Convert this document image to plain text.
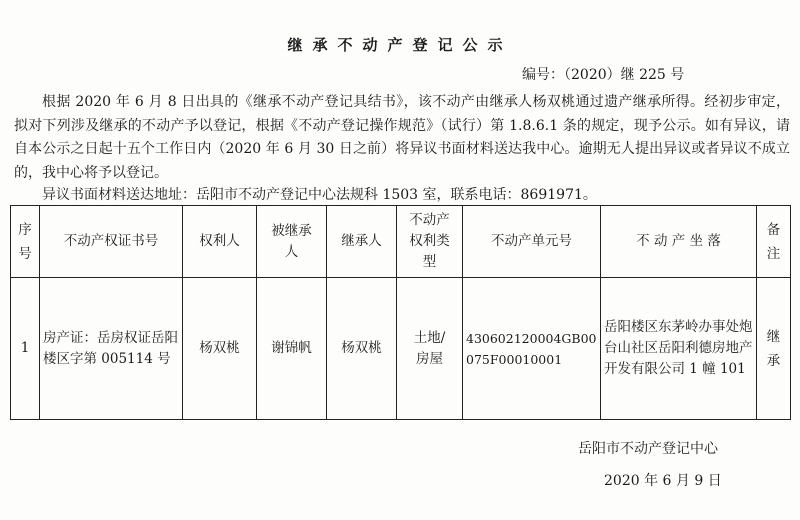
继承不动产登记公示
编号：（2020）继 225 号

根据 2020 年 6 月 8 日出具的《继承不动产登记具结书》，该不动产由继承人杨双桃通过遗产继承所得。经初步审定， 拟对下列涉及继承的不动产予以登记，根据《不动产登记操作规范》（试行）第 1.8.6.1 条的规定，现予公示。如有异议，请自本公示之日起十五个工作日内（2020 年 6 月 30 日之前）将异议书面材料送达我中心。逾期无人提出异议或者异议不成立的，我中心将予以登记。

异议书面材料送达地址：岳阳市不动产登记中心法规科 1503 室，联系电话：8691971。
序号	不动产权证书号	权利人	被继承人	继承人	不动产权利类型	不动产单元号	不 动 产 坐 落	备注
1	房产证：岳房权证岳阳楼区字第 005114 号	杨双桃	谢锦帆	杨双桃	土地/房屋	430602120004GB00075F00010001	岳阳楼区东茅岭办事处炮台山社区岳阳利德房地产开发有限公司 1 幢 101	继承
岳阳市不动产登记中心
2020 年 6 月 9 日
